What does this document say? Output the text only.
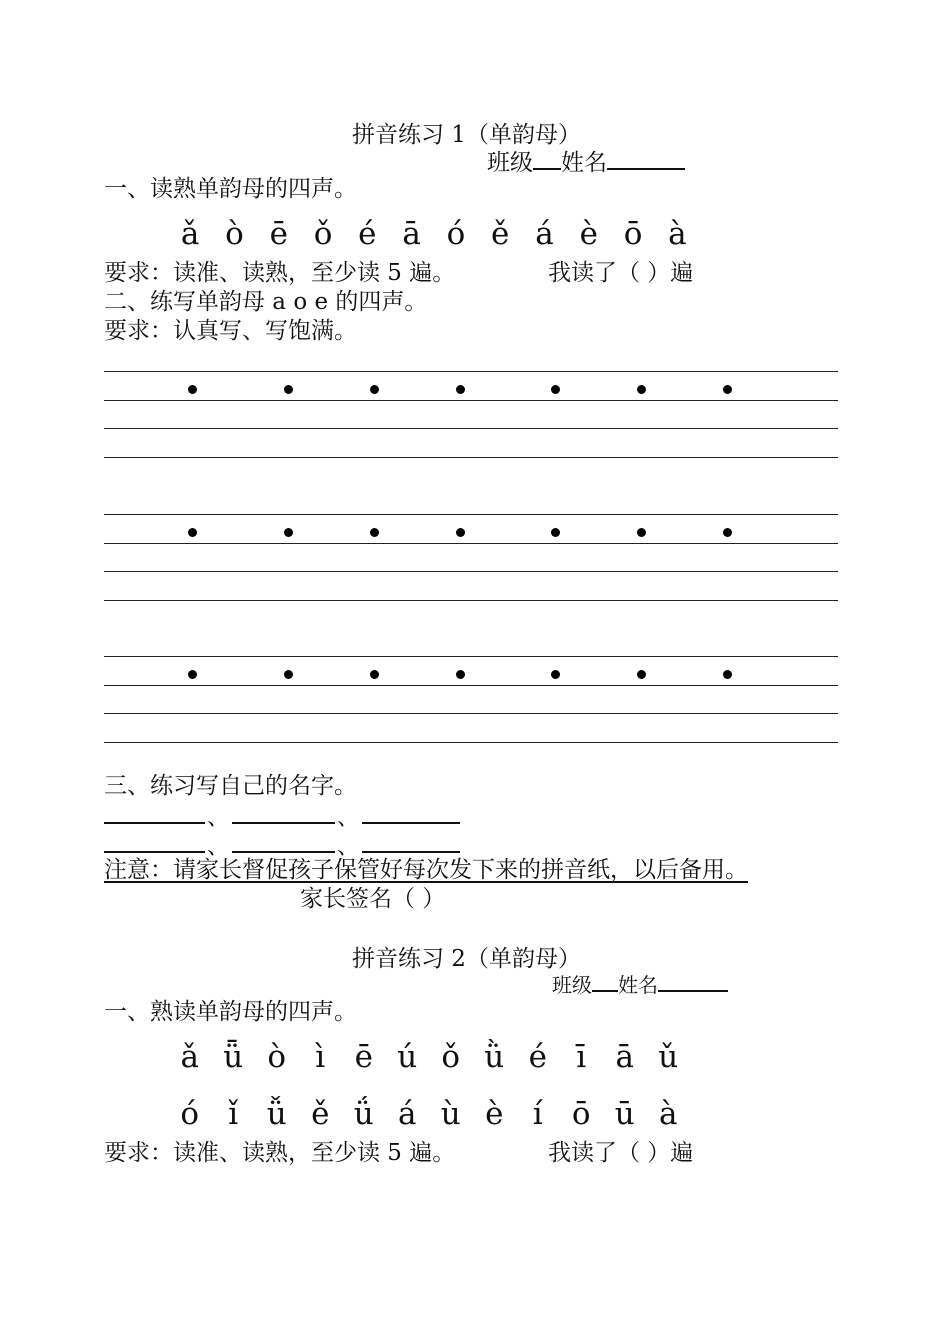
拼音练习 1（单韵母）
班级 姓名
一、读熟单韵母的四声。
ǎ ò ē ǒ é ā ó ě á è ō à
要求：读准、读熟，至少读 5 遍。	我读了（ ）遍
二、练写单韵母 a o e 的四声。
要求：认真写、写饱满。
三、练习写自己的名字。
、	、
、	、
注意：请家长督促孩子保管好每次发下来的拼音纸，以后备用。
家长签名（ ）
拼音练习 2（单韵母）
班级 姓名
一、熟读单韵母的四声。
ǎ ǖ ò ì ē ú ǒ ǜ é ī ā ǔ
ó ǐ ǚ ě ǘ á ù è í ō ū à
要求：读准、读熟，至少读 5 遍。	我读了（ ）遍
